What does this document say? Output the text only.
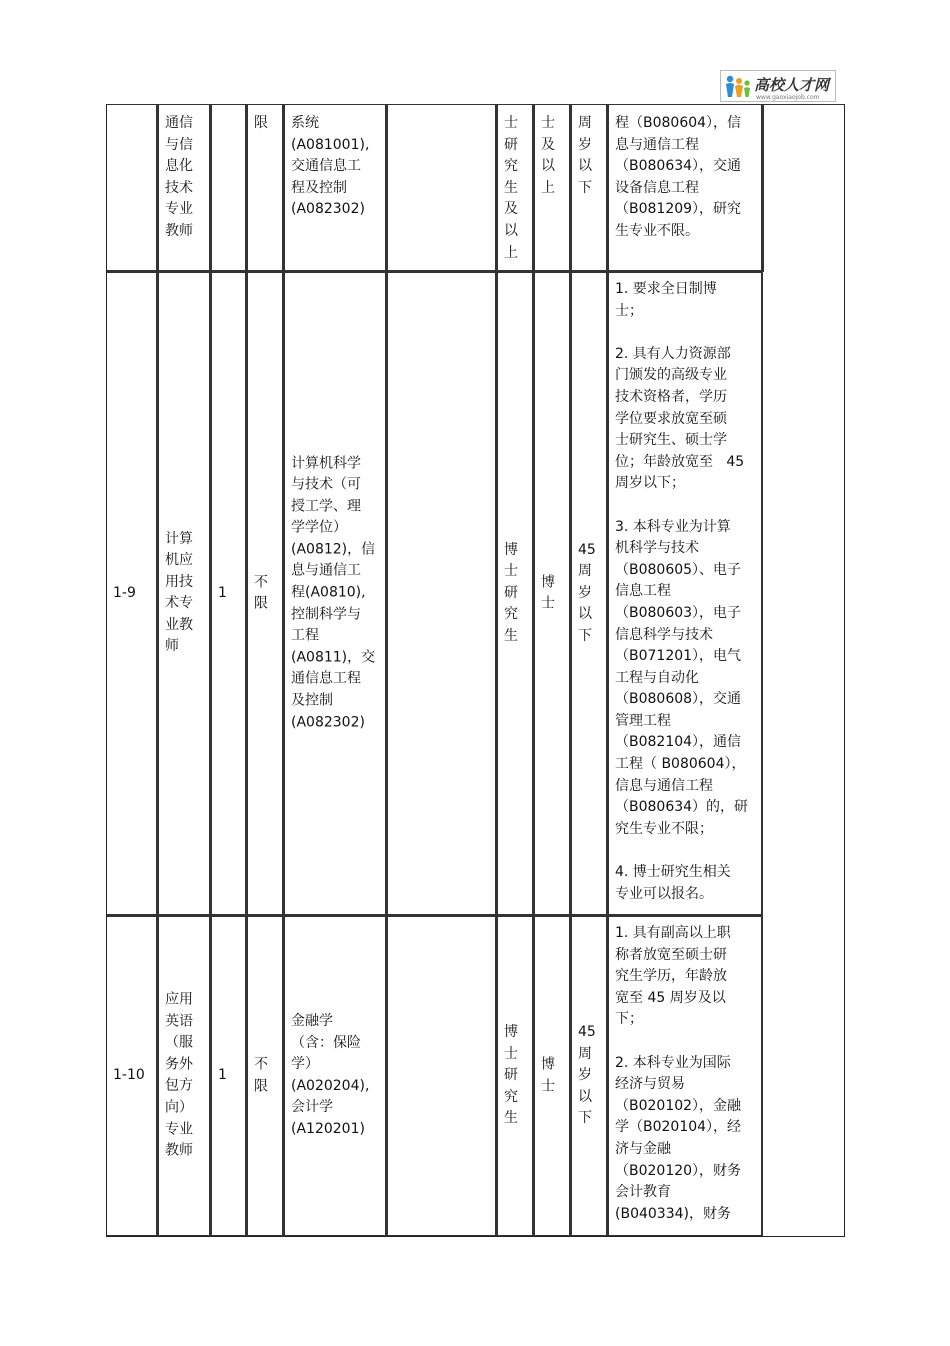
高校人才网
www.gaoxiaojob.com
通信
与信
息化
技术
专业
教师
限	系统
(A081001),
交通信息工
程及控制
(A082302)
士
研
究
生
及
以
上
士
及
以
上
周
岁
以
下
程（B080604），信
息与通信工程
（B080634），交通
设备信息工程
（B081209），研究
生专业不限。
1-9
计算
机应
用技
术专
业教
师
1
不
限
计算机科学
与技术（可
授工学、理
学学位）
(A0812)，信
息与通信工
程(A0810),
控制科学与
工程
(A0811)，交
通信息工程
及控制
(A082302)
博
士
研
究
生
博
士
45
周
岁
以
下
1. 要求全日制博
士；

2. 具有人力资源部
门颁发的高级专业
技术资格者，学历
学位要求放宽至硕
士研究生、硕士学
位；年龄放宽至   45
周岁以下；

3. 本科专业为计算
机科学与技术
（B080605）、电子
信息工程
（B080603），电子
信息科学与技术
（B071201），电气
工程与自动化
（B080608），交通
管理工程
（B082104），通信
工程（ B080604），
信息与通信工程
（B080634）的，研
究生专业不限；

4. 博士研究生相关
专业可以报名。
1-10
应用
英语
（服
务外
包方
向）
专业
教师
1
不
限
金融学
（含：保险
学）
(A020204),
会计学
(A120201)
博
士
研
究
生
博
士
45
周
岁
以
下
1. 具有副高以上职
称者放宽至硕士研
究生学历，年龄放
宽至 45 周岁及以
下；

2. 本科专业为国际
经济与贸易
（B020102），金融
学（B020104），经
济与金融
（B020120），财务
会计教育
(B040334)，财务
